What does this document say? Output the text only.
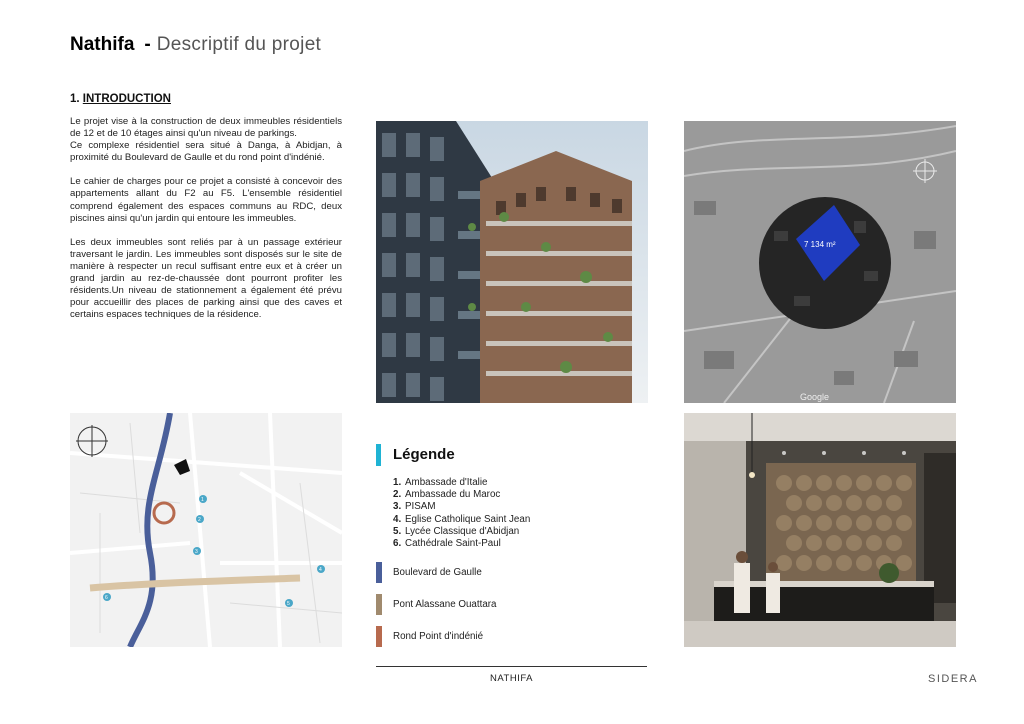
Nathifa - Descriptif du projet
1. INTRODUCTION

Le projet vise à la construction de deux immeubles résidentiels de 12 et de 10 étages ainsi qu'un niveau de parkings.
Ce complexe résidentiel sera situé à Danga, à Abidjan, à proximité du Boulevard de Gaulle et du rond point d'indénié.

Le cahier de charges pour ce projet a consisté à concevoir des appartements allant du F2 au F5. L'ensemble résidentiel comprend également des espaces communs au RDC, deux piscines ainsi qu'un jardin qui entoure les immeubles.

Les deux immeubles sont reliés par à un passage extérieur traversant le jardin. Les immeubles sont disposés sur le site de manière à respecter un recul suffisant entre eux et à créer un grand jardin au rez-de-chaussée dont pourront profiter les résidents.Un niveau de stationnement a également été prévu pour accueillir des places de parking ainsi que des caves et certains espaces techniques de la résidence.

7 134 m²
Google
1
2
3
4
5
6
Légende
1. Ambassade d'Italie
2. Ambassade du Maroc
3. PISAM
4. Eglise Catholique Saint Jean
5. Lycée Classique d'Abidjan
6. Cathédrale Saint-Paul
Boulevard de Gaulle
Pont Alassane Ouattara
Rond Point d'indénié
NATHIFA	SIDERA
